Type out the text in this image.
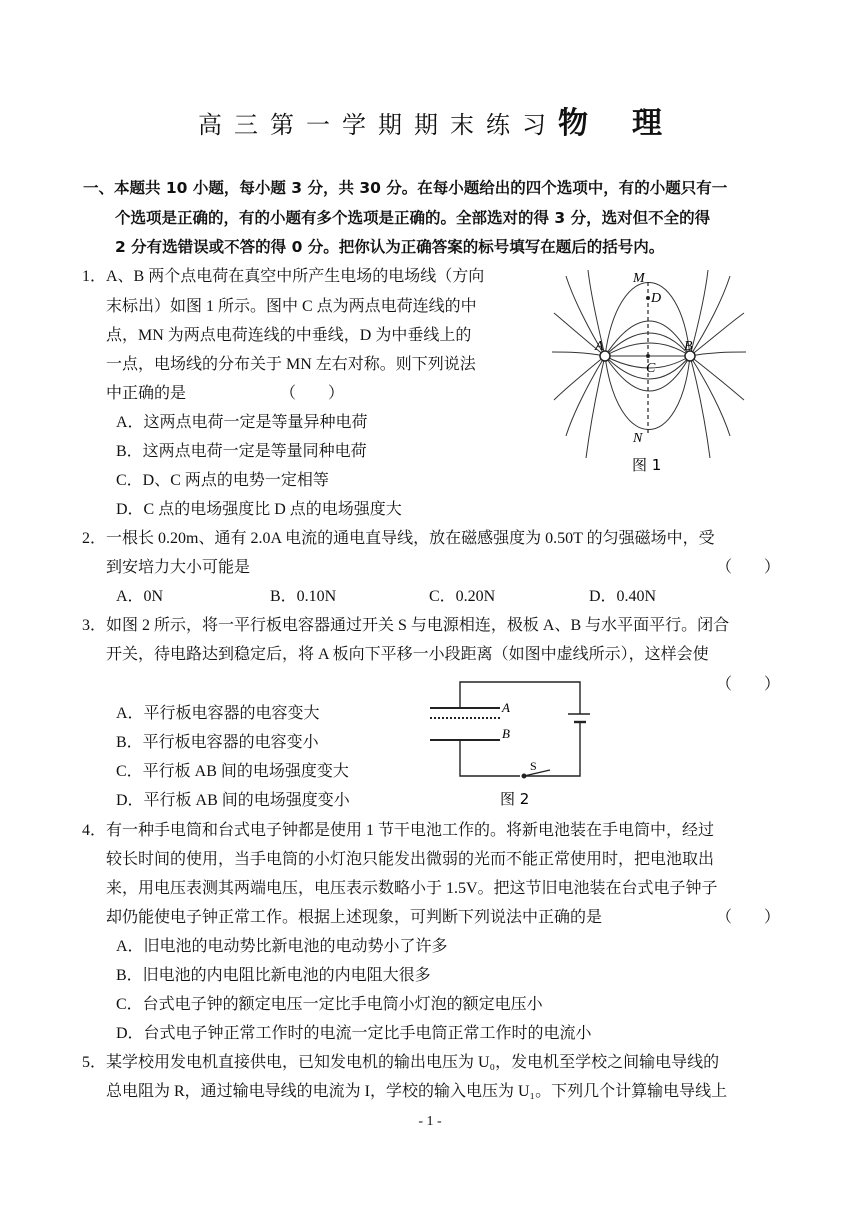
高三第一学期期末练习物 理
一、本题共 10 小题，每小题 3 分，共 30 分。在每小题给出的四个选项中，有的小题只有一
个选项是正确的，有的小题有多个选项是正确的。全部选对的得 3 分，选对但不全的得
2 分有选错误或不答的得 0 分。把你认为正确答案的标号填写在题后的括号内。
1．A、B 两个点电荷在真空中所产生电场的电场线（方向
末标出）如图 1 所示。图中 C 点为两点电荷连线的中
点，MN 为两点电荷连线的中垂线，D 为中垂线上的
一点，电场线的分布关于 MN 左右对称。则下列说法
中正确的是	（　　）
A．这两点电荷一定是等量异种电荷
B．这两点电荷一定是等量同种电荷
C．D、C 两点的电势一定相等
D．C 点的电场强度比 D 点的电场强度大
M
D
A	B
C
N
图 1
2．一根长 0.20m、通有 2.0A 电流的通电直导线，放在磁感强度为 0.50T 的匀强磁场中，受
到安培力大小可能是	（　　）
A．0N	B．0.10N	C．0.20N	D．0.40N
3．如图 2 所示，将一平行板电容器通过开关 S 与电源相连，极板 A、B 与水平面平行。闭合
开关，待电路达到稳定后，将 A 板向下平移一小段距离（如图中虚线所示），这样会使
（　　）
A．平行板电容器的电容变大
B．平行板电容器的电容变小
C．平行板 AB 间的电场强度变大
D．平行板 AB 间的电场强度变小
A
B
S
图 2
4．有一种手电筒和台式电子钟都是使用 1 节干电池工作的。将新电池装在手电筒中，经过
较长时间的使用，当手电筒的小灯泡只能发出微弱的光而不能正常使用时，把电池取出
来，用电压表测其两端电压，电压表示数略小于 1.5V。把这节旧电池装在台式电子钟子
却仍能使电子钟正常工作。根据上述现象，可判断下列说法中正确的是	（　　）
A．旧电池的电动势比新电池的电动势小了许多
B．旧电池的内电阻比新电池的内电阻大很多
C．台式电子钟的额定电压一定比手电筒小灯泡的额定电压小
D．台式电子钟正常工作时的电流一定比手电筒正常工作时的电流小
5．某学校用发电机直接供电，已知发电机的输出电压为 U₀，发电机至学校之间输电导线的
总电阻为 R，通过输电导线的电流为 I，学校的输入电压为 U₁。下列几个计算输电导线上
- 1 -
